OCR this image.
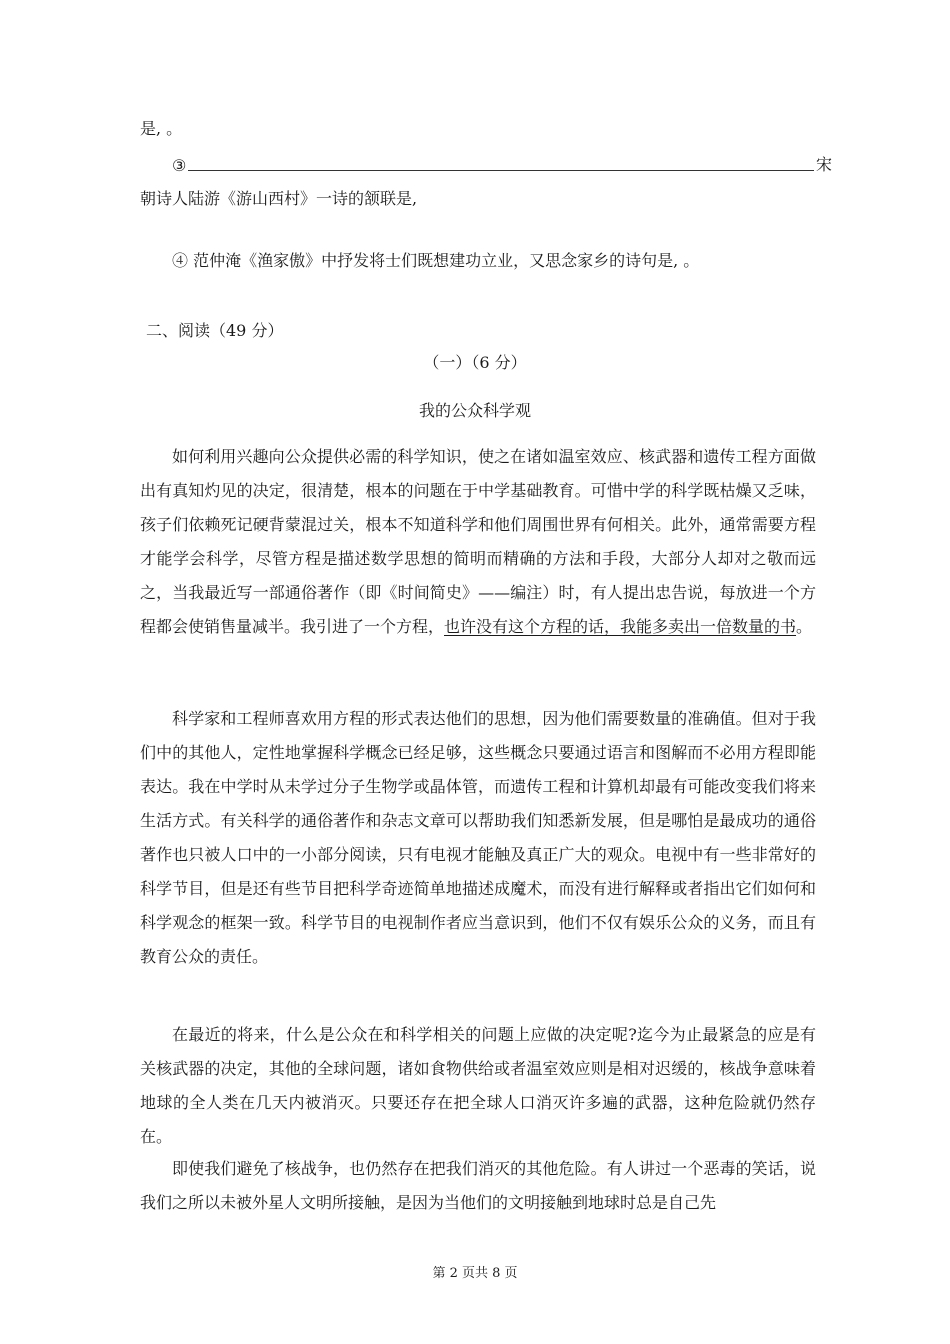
是, 。
③	宋
朝诗人陆游《游山西村》一诗的颔联是,
④ 范仲淹《渔家傲》中抒发将士们既想建功立业，又思念家乡的诗句是, 。
二、阅读（49 分）
（一）（6 分）
我的公众科学观
如何利用兴趣向公众提供必需的科学知识，使之在诸如温室效应、核武器和遗传工程方面做出有真知灼见的决定，很清楚，根本的问题在于中学基础教育。可惜中学的科学既枯燥又乏味，孩子们依赖死记硬背蒙混过关，根本不知道科学和他们周围世界有何相关。此外，通常需要方程才能学会科学，尽管方程是描述数学思想的简明而精确的方法和手段，大部分人却对之敬而远之，当我最近写一部通俗著作（即《时间简史》——编注）时，有人提出忠告说，每放进一个方程都会使销售量减半。我引进了一个方程，也许没有这个方程的话，我能多卖出一倍数量的书。
科学家和工程师喜欢用方程的形式表达他们的思想，因为他们需要数量的准确值。但对于我们中的其他人，定性地掌握科学概念已经足够，这些概念只要通过语言和图解而不必用方程即能表达。我在中学时从未学过分子生物学或晶体管，而遗传工程和计算机却最有可能改变我们将来生活方式。有关科学的通俗著作和杂志文章可以帮助我们知悉新发展，但是哪怕是最成功的通俗著作也只被人口中的一小部分阅读，只有电视才能触及真正广大的观众。电视中有一些非常好的科学节目，但是还有些节目把科学奇迹简单地描述成魔术，而没有进行解释或者指出它们如何和科学观念的框架一致。科学节目的电视制作者应当意识到，他们不仅有娱乐公众的义务，而且有教育公众的责任。
在最近的将来，什么是公众在和科学相关的问题上应做的决定呢?迄今为止最紧急的应是有关核武器的决定，其他的全球问题，诸如食物供给或者温室效应则是相对迟缓的，核战争意味着地球的全人类在几天内被消灭。只要还存在把全球人口消灭许多遍的武器，这种危险就仍然存在。
即使我们避免了核战争，也仍然存在把我们消灭的其他危险。有人讲过一个恶毒的笑话，说我们之所以未被外星人文明所接触，是因为当他们的文明接触到地球时总是自己先
第 2 页共 8 页
